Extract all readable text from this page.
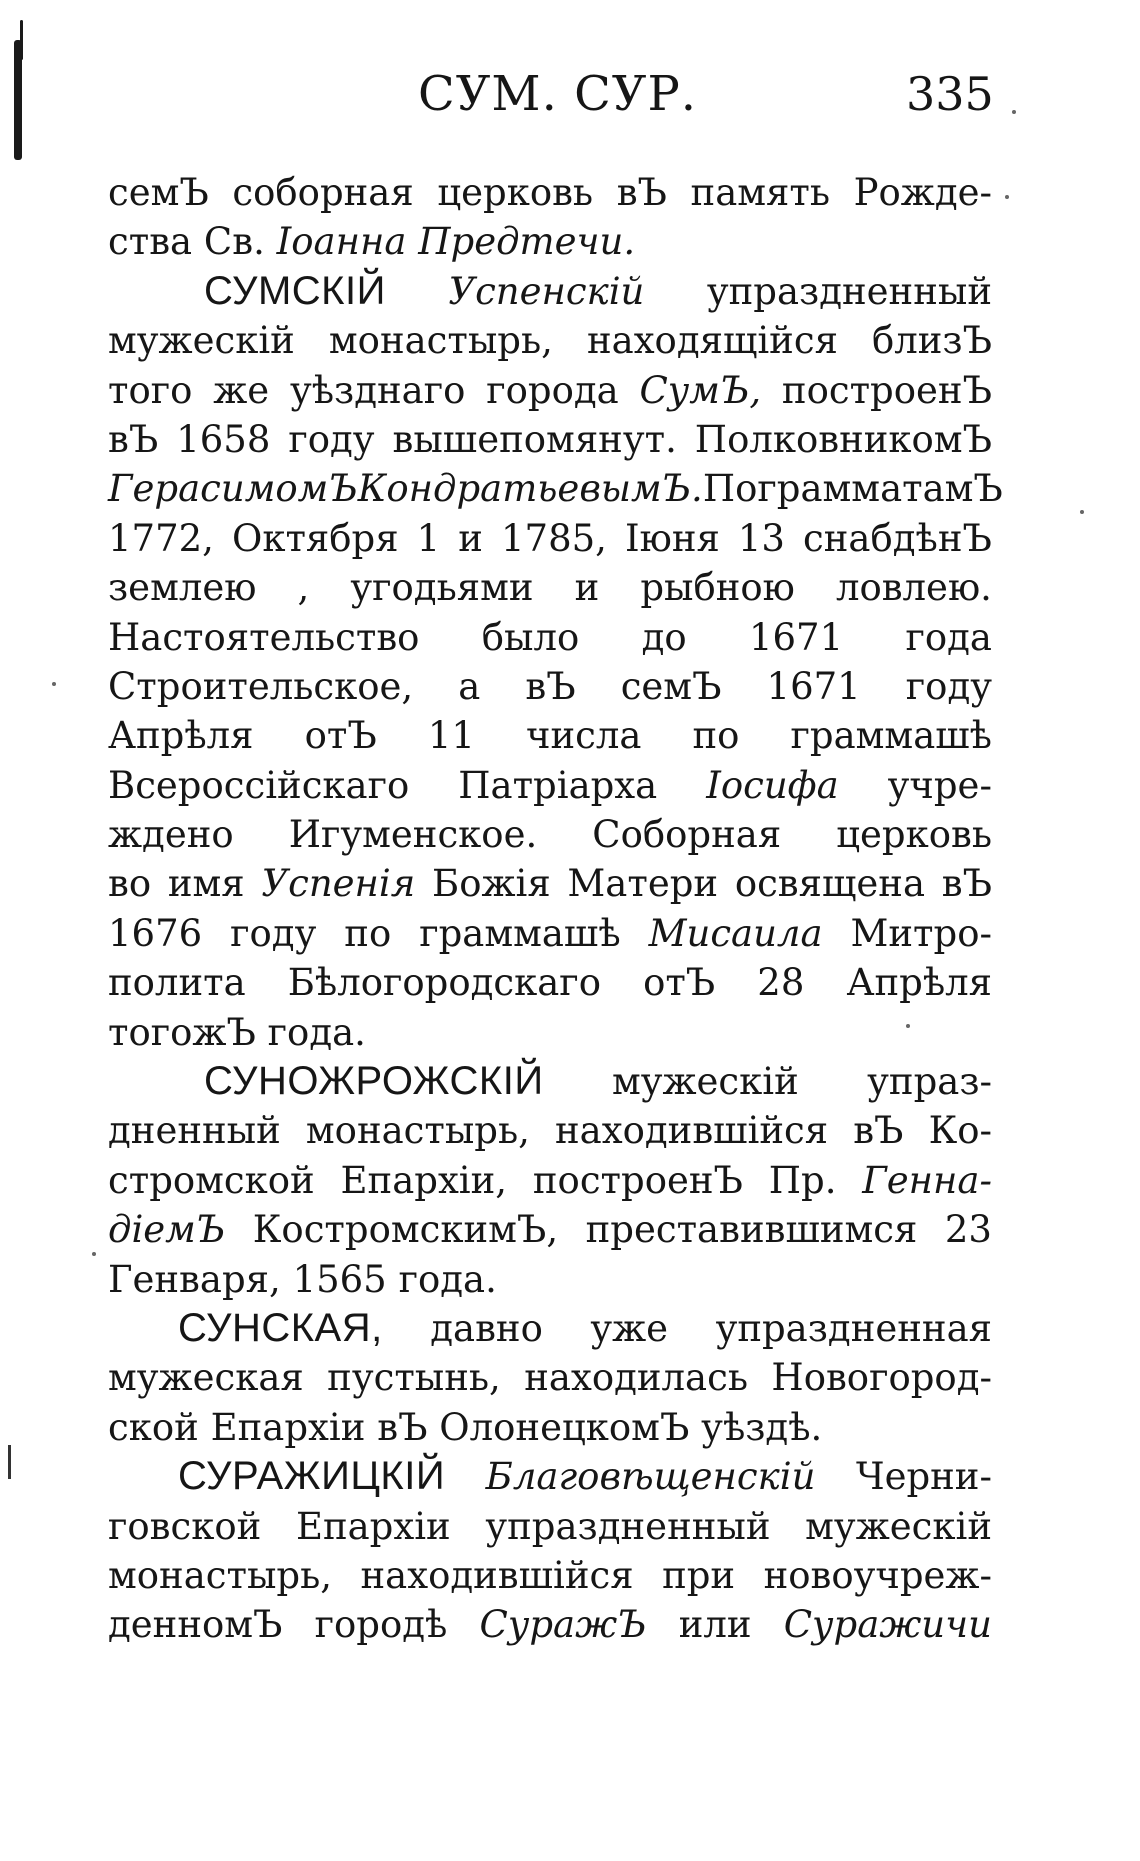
СУМ. СУР.	335
семЪ соборная церковь вЪ память Рожде-
ства Св. Іоанна Предтечи.
СУМСКІЙ Успенскій упраздненный
мужескій монастырь, находящійся близЪ
того же уѣзднаго города СумЪ, построенЪ
вЪ 1658 году вышепомянут. ПолковникомЪ
ГерасимомЪ КондратьевымЪ. По грамматамЪ
1772, Октября 1 и 1785, Іюня 13 снабдѣнЪ
землею , угодьями и рыбною ловлею.
Настоятельство было до 1671 года
Строительское, а вЪ семЪ 1671 году
Апрѣля отЪ 11 числа по граммашѣ
Всероссійскаго Патріарха Іосифа учре-
ждено Игуменское. Соборная церковь
во имя Успенія Божія Матери освящена вЪ
1676 году по граммашѣ Мисаила Митро-
полита Бѣлогородскаго отЪ 28 Апрѣля
тогожЪ года.
СУНОЖРОЖСКІЙ мужескій упраз-
дненный монастырь, находившійся вЪ Ко-
стромской Епархіи, построенЪ Пр. Генна-
діемЪ КостромскимЪ, преставившимся 23
Генваря, 1565 года.
СУНСКАЯ, давно уже упраздненная
мужеская пустынь, находилась Новогород-
ской Епархіи вЪ ОлонецкомЪ уѣздѣ.
СУРАЖИЦКІЙ Благовѣщенскій Черни-
говской Епархіи упраздненный мужескій
монастырь, находившійся при новоучреж-
денномЪ городѣ СуражЪ или Суражичи
